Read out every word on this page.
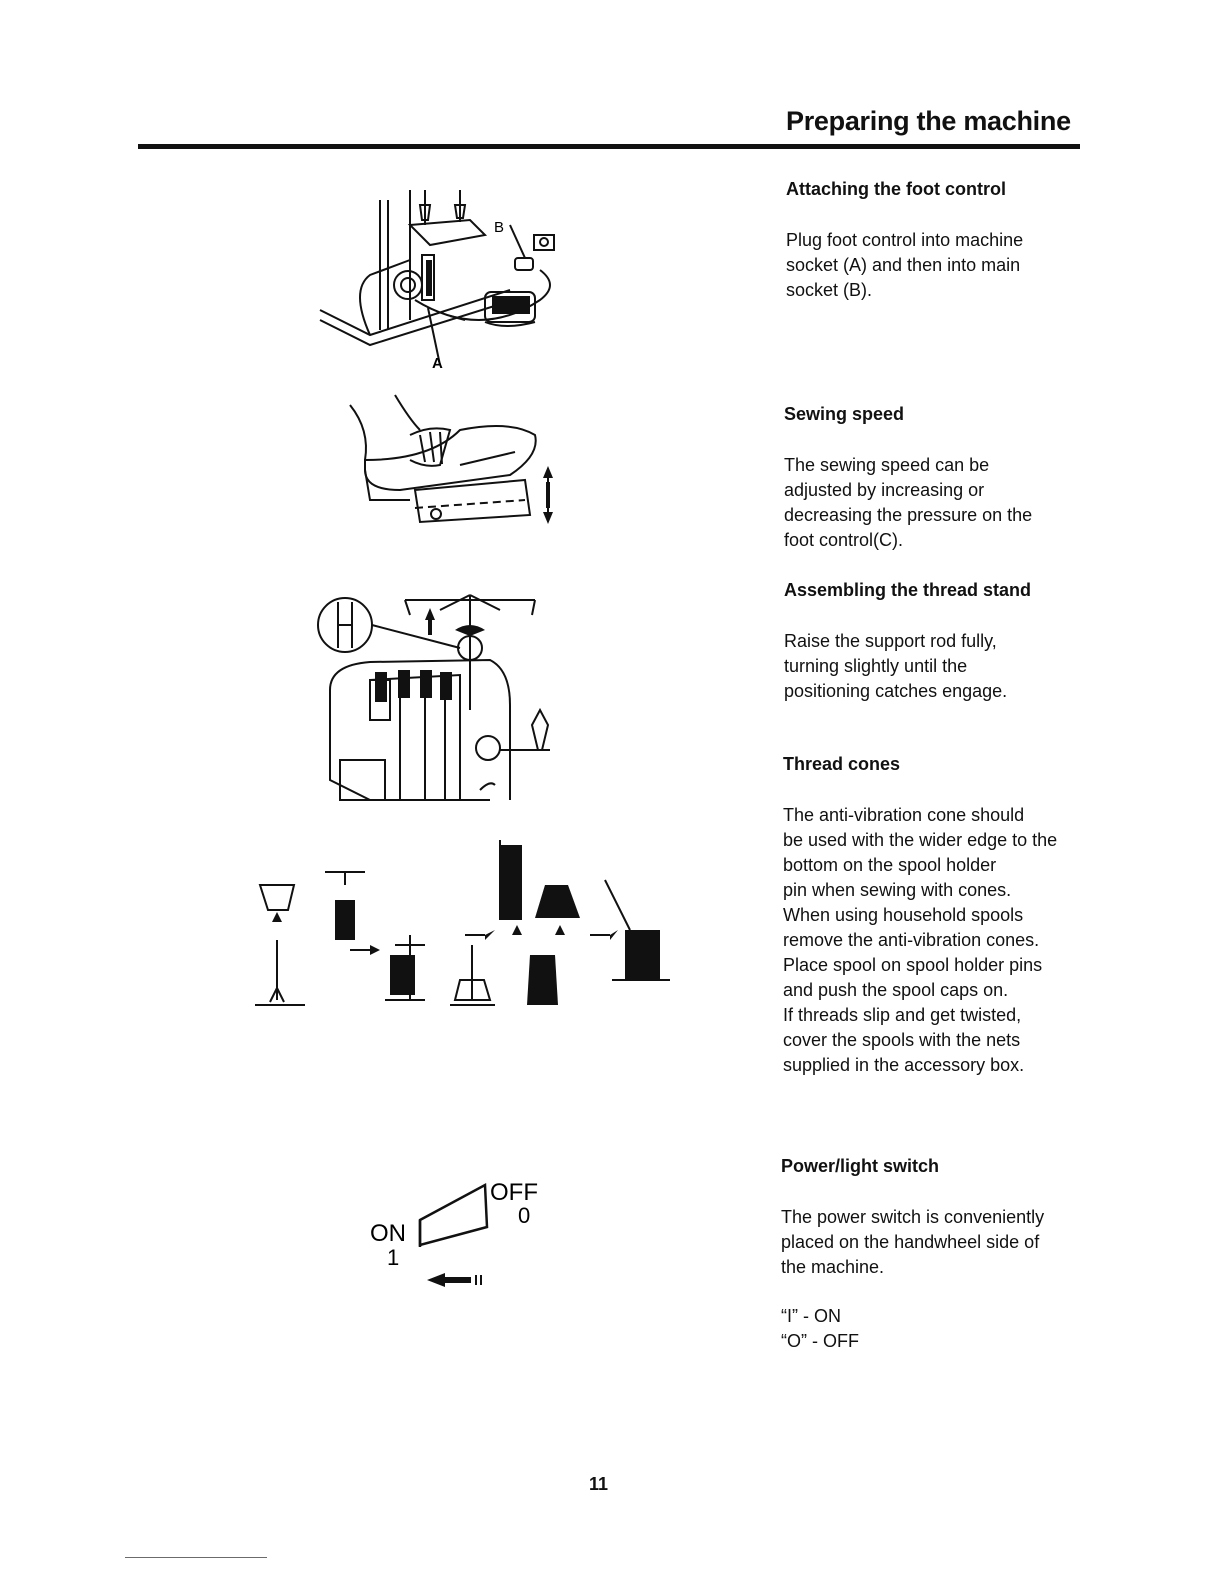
Preparing the machine
B
A
ON
1
OFF
0
Attaching the foot control

Plug foot control into machine
socket (A) and then into main
socket (B).

Sewing speed

The sewing speed can be
adjusted by increasing or
decreasing the pressure on the
foot control(C).

Assembling the thread stand

Raise the support rod fully,
turning slightly until the
positioning catches engage.

Thread cones

The anti-vibration cone should
be used with the wider edge to the
bottom on the spool holder
pin when sewing with cones.
When using household spools
remove the anti-vibration cones.
Place spool on spool holder pins
and push the spool caps on.
If threads slip and get twisted,
cover the spools with the nets
supplied in the accessory box.

Power/light switch

The power switch is conveniently
placed on the handwheel side of
the machine.

“I” - ON
“O” - OFF

11
